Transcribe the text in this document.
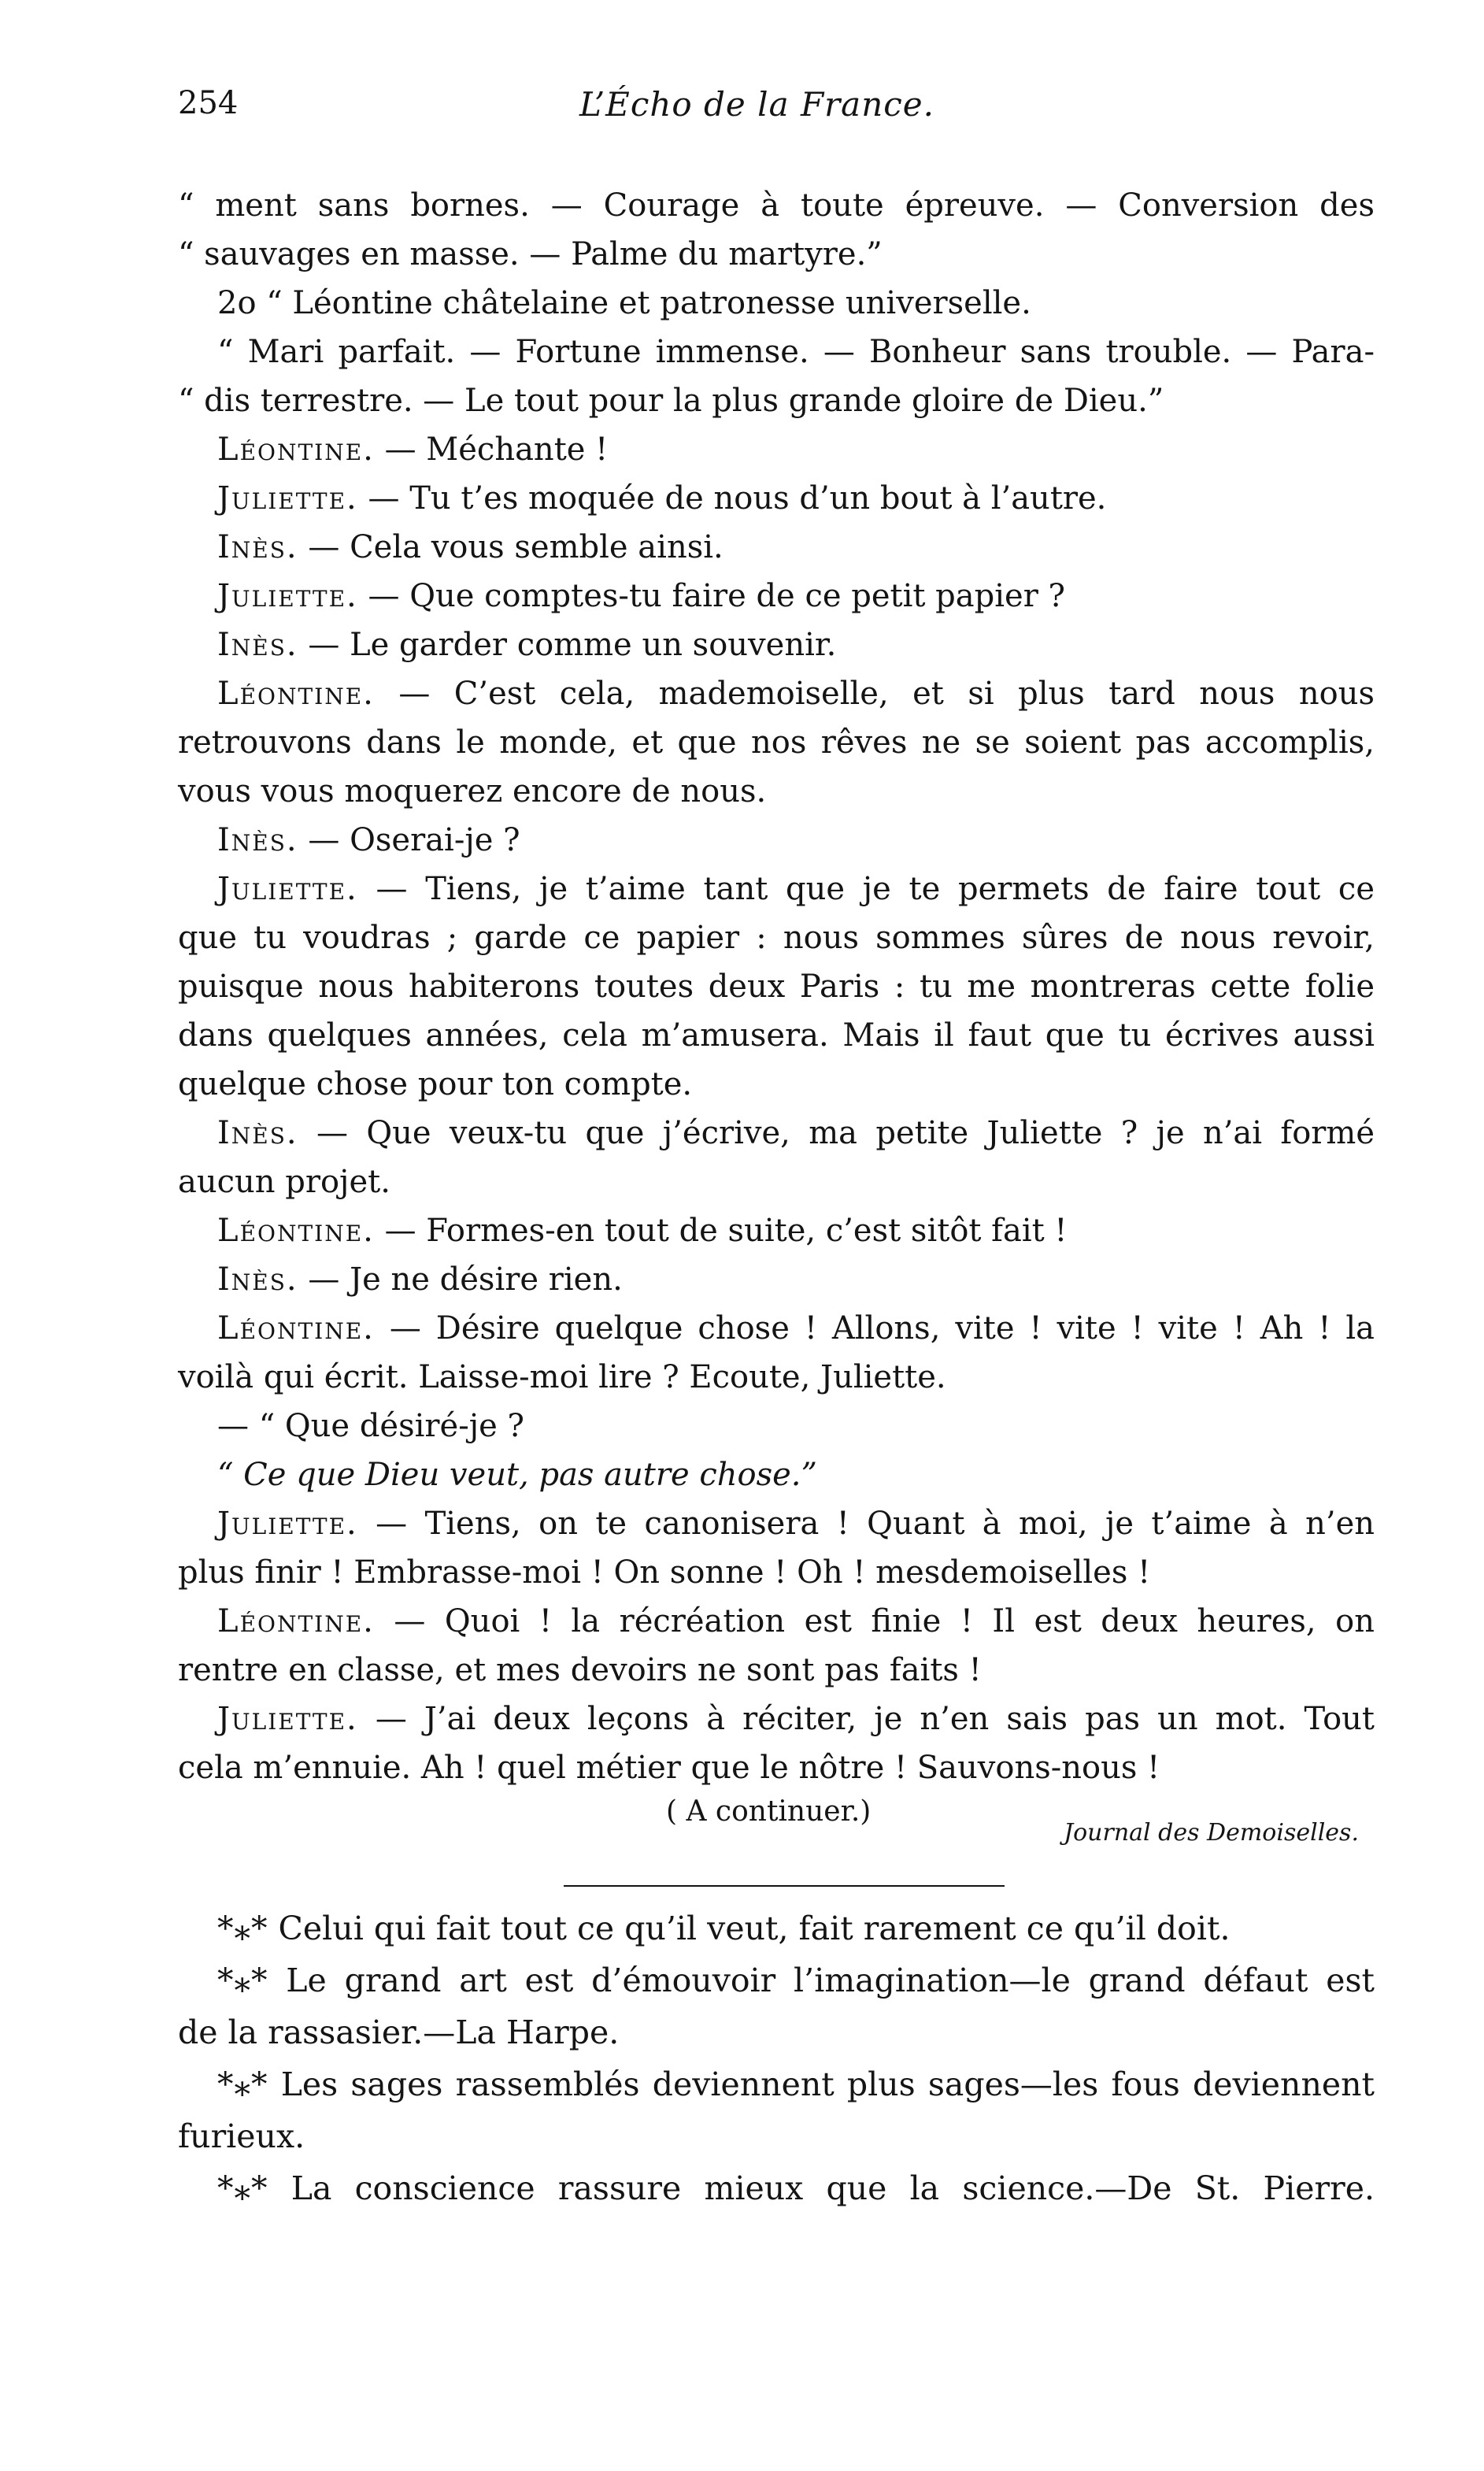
254	L’Écho de la France.
“ ment sans bornes. — Courage à toute épreuve. — Conversion des
“ sauvages en masse. — Palme du martyre.”
2o “ Léontine châtelaine et patronesse universelle.
“ Mari parfait. — Fortune immense. — Bonheur sans trouble. — Para-
“ dis terrestre. — Le tout pour la plus grande gloire de Dieu.”
Léontine. — Méchante !
Juliette. — Tu t’es moquée de nous d’un bout à l’autre.
Inès. — Cela vous semble ainsi.
Juliette. — Que comptes-tu faire de ce petit papier ?
Inès. — Le garder comme un souvenir.
Léontine. — C’est cela, mademoiselle, et si plus tard nous nous
retrouvons dans le monde, et que nos rêves ne se soient pas accomplis,
vous vous moquerez encore de nous.
Inès. — Oserai-je ?
Juliette. — Tiens, je t’aime tant que je te permets de faire tout ce
que tu voudras ; garde ce papier : nous sommes sûres de nous revoir,
puisque nous habiterons toutes deux Paris : tu me montreras cette folie
dans quelques années, cela m’amusera. Mais il faut que tu écrives aussi
quelque chose pour ton compte.
Inès. — Que veux-tu que j’écrive, ma petite Juliette ? je n’ai formé
aucun projet.
Léontine. — Formes-en tout de suite, c’est sitôt fait !
Inès. — Je ne désire rien.
Léontine. — Désire quelque chose ! Allons, vite ! vite ! vite ! Ah ! la
voilà qui écrit. Laisse-moi lire ? Ecoute, Juliette.
— “ Que désiré-je ?
“ Ce que Dieu veut, pas autre chose.”
Juliette. — Tiens, on te canonisera ! Quant à moi, je t’aime à n’en
plus finir ! Embrasse-moi ! On sonne ! Oh ! mesdemoiselles !
Léontine. — Quoi ! la récréation est finie ! Il est deux heures, on
rentre en classe, et mes devoirs ne sont pas faits !
Juliette. — J’ai deux leçons à réciter, je n’en sais pas un mot. Tout
cela m’ennuie. Ah ! quel métier que le nôtre ! Sauvons-nous !
( A continuer.)
Journal des Demoiselles.
*⁎* Celui qui fait tout ce qu’il veut, fait rarement ce qu’il doit.
*⁎* Le grand art est d’émouvoir l’imagination—le grand défaut est
de la rassasier.—La Harpe.
*⁎* Les sages rassemblés deviennent plus sages—les fous deviennent
furieux.
*⁎* La conscience rassure mieux que la science.—De St. Pierre.
